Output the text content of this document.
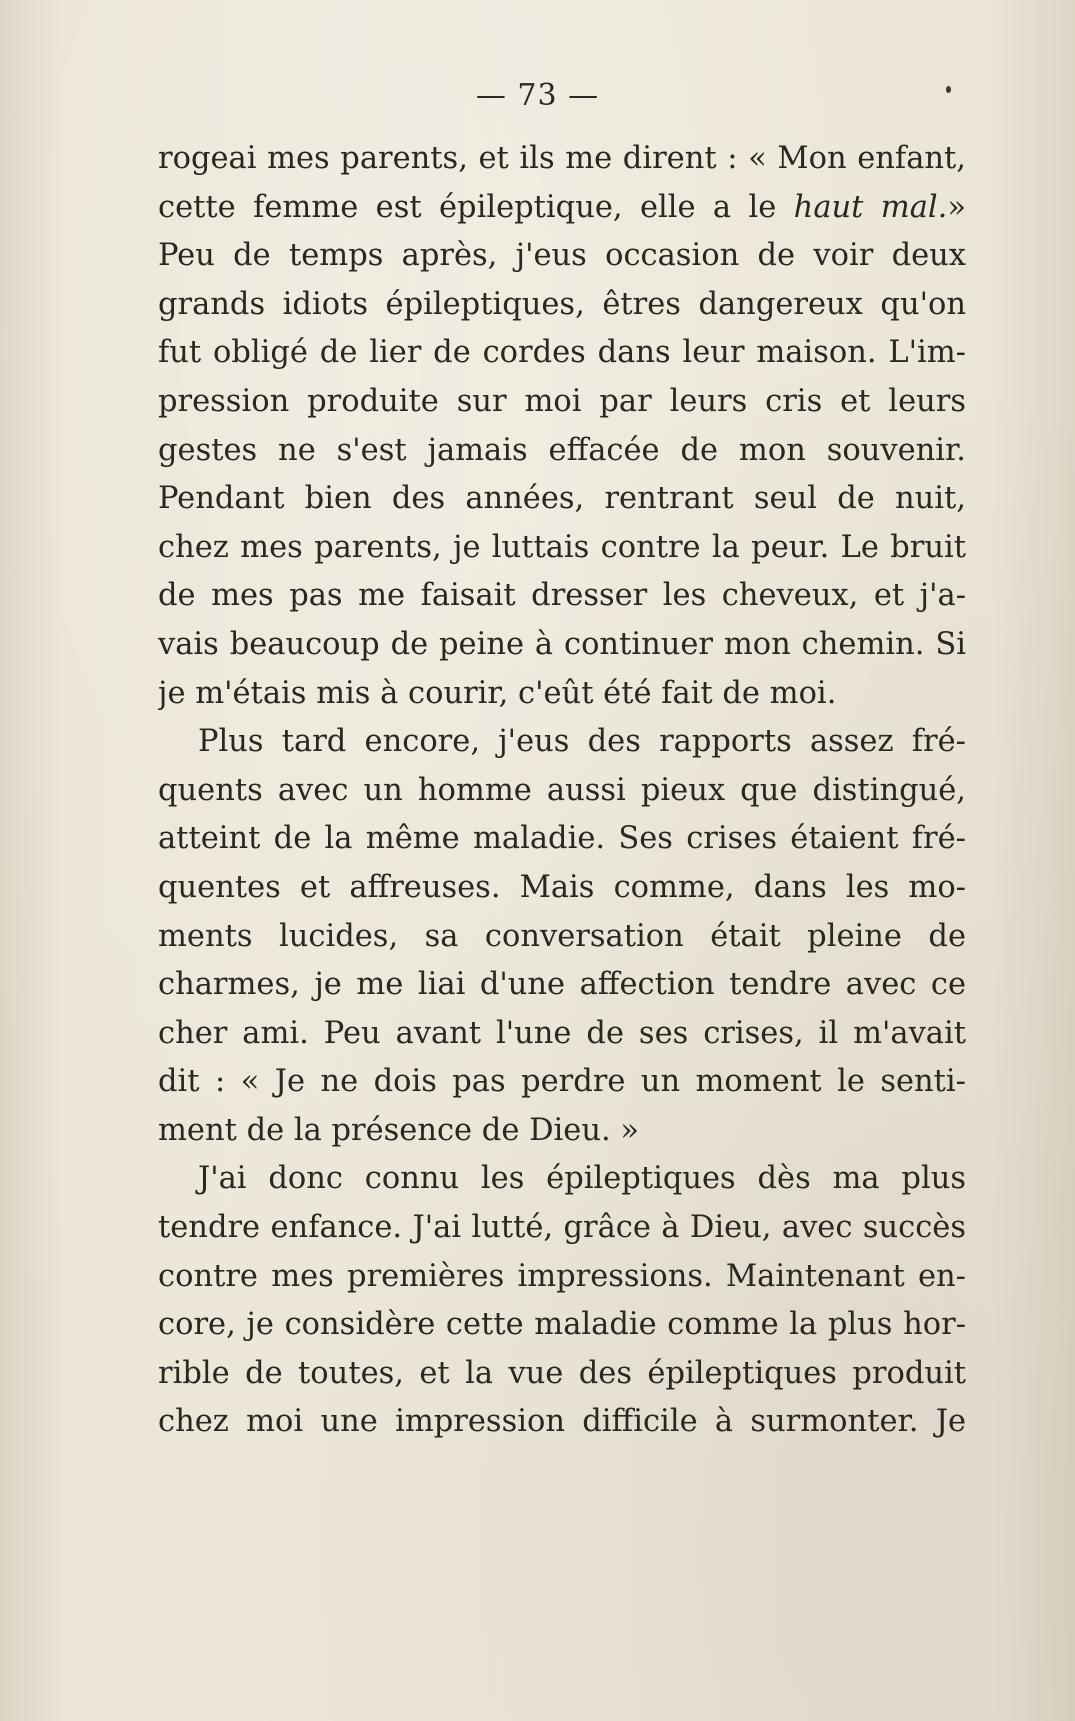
— 73 —
rogeai mes parents, et ils me dirent : « Mon enfant,
cette femme est épileptique, elle a le haut mal.»
Peu de temps après, j'eus occasion de voir deux
grands idiots épileptiques, êtres dangereux qu'on
fut obligé de lier de cordes dans leur maison. L'im-
pression produite sur moi par leurs cris et leurs
gestes ne s'est jamais effacée de mon souvenir.
Pendant bien des années, rentrant seul de nuit,
chez mes parents, je luttais contre la peur. Le bruit
de mes pas me faisait dresser les cheveux, et j'a-
vais beaucoup de peine à continuer mon chemin. Si
je m'étais mis à courir, c'eût été fait de moi.
Plus tard encore, j'eus des rapports assez fré-
quents avec un homme aussi pieux que distingué,
atteint de la même maladie. Ses crises étaient fré-
quentes et affreuses. Mais comme, dans les mo-
ments lucides, sa conversation était pleine de
charmes, je me liai d'une affection tendre avec ce
cher ami. Peu avant l'une de ses crises, il m'avait
dit : « Je ne dois pas perdre un moment le senti-
ment de la présence de Dieu. »
J'ai donc connu les épileptiques dès ma plus
tendre enfance. J'ai lutté, grâce à Dieu, avec succès
contre mes premières impressions. Maintenant en-
core, je considère cette maladie comme la plus hor-
rible de toutes, et la vue des épileptiques produit
chez moi une impression difficile à surmonter. Je
